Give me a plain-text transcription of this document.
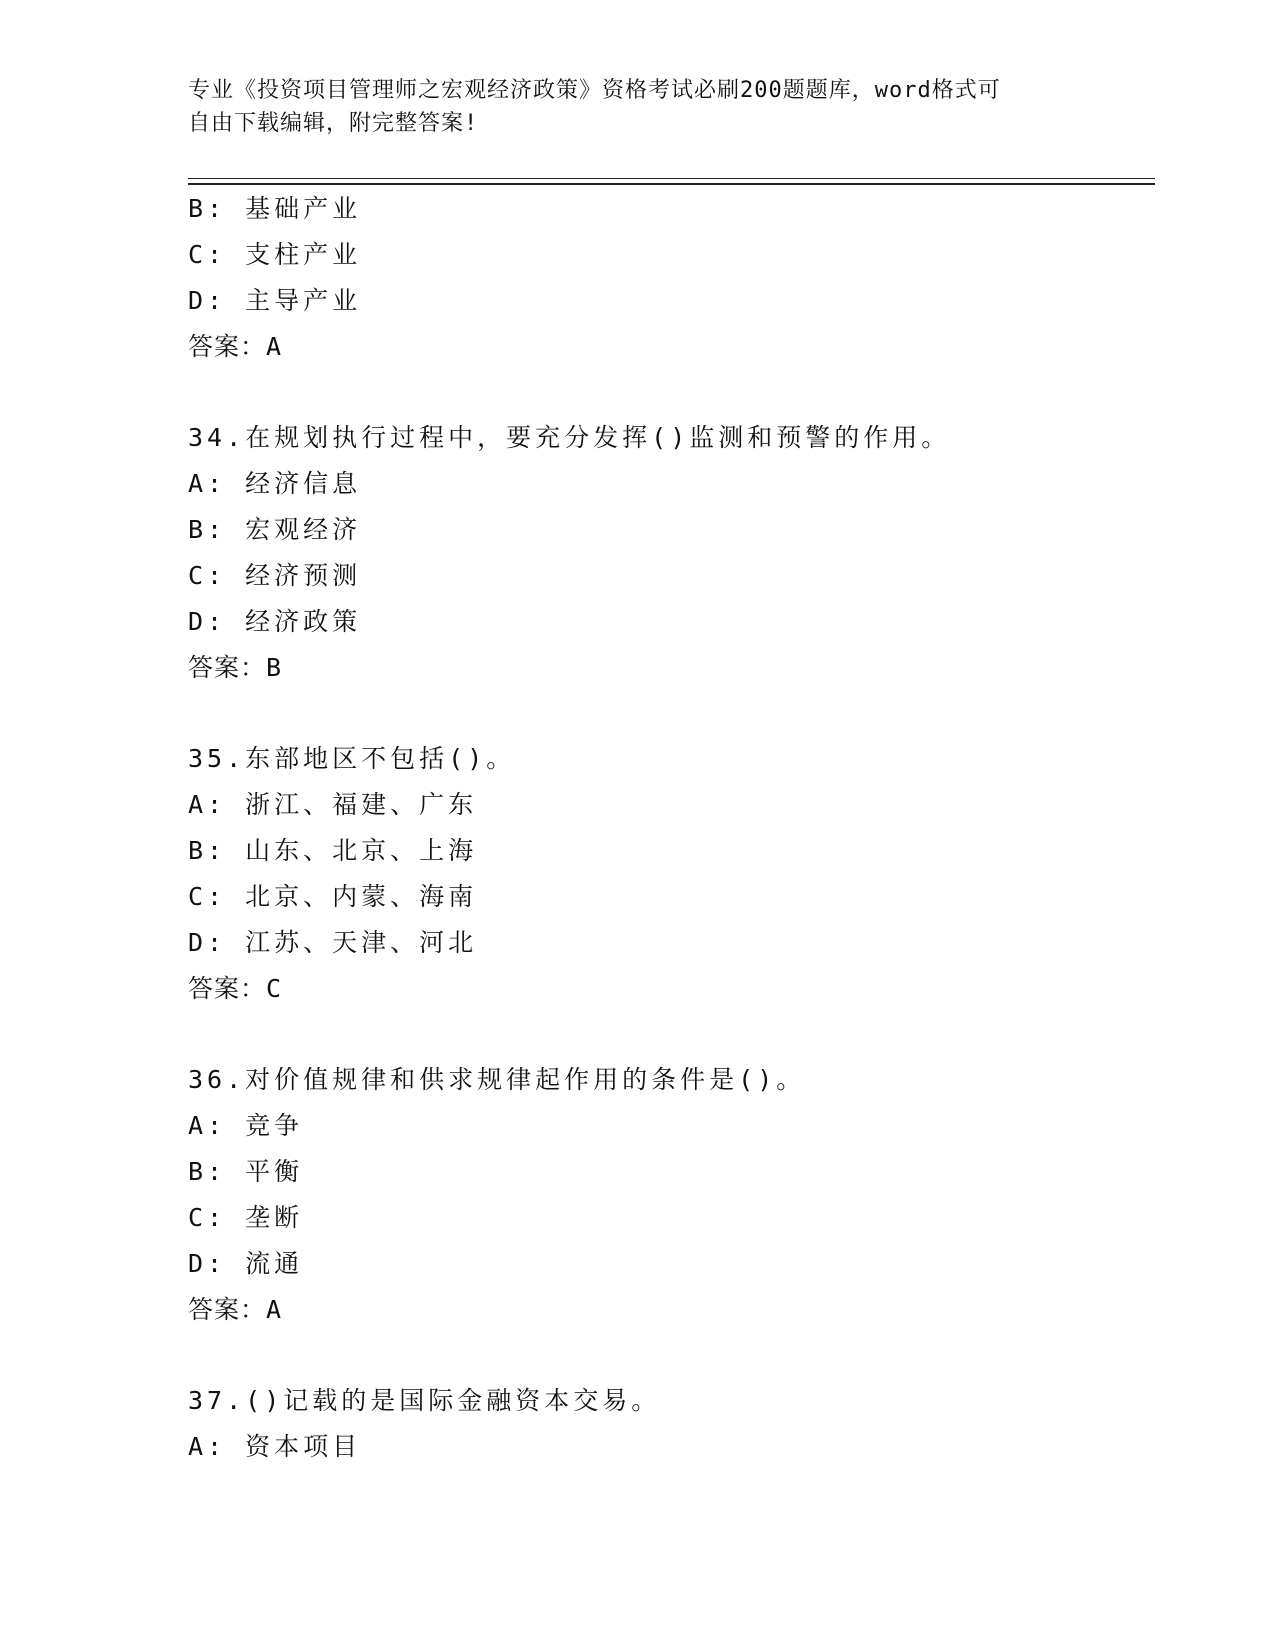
专业《投资项目管理师之宏观经济政策》资格考试必刷200题题库，word格式可
自由下载编辑，附完整答案!
B: 基础产业
C: 支柱产业
D: 主导产业
答案：A
34.在规划执行过程中，要充分发挥()监测和预警的作用。
A: 经济信息
B: 宏观经济
C: 经济预测
D: 经济政策
答案：B
35.东部地区不包括()。
A: 浙江、福建、广东
B: 山东、北京、上海
C: 北京、内蒙、海南
D: 江苏、天津、河北
答案：C
36.对价值规律和供求规律起作用的条件是()。
A: 竞争
B: 平衡
C: 垄断
D: 流通
答案：A
37.()记载的是国际金融资本交易。
A: 资本项目
